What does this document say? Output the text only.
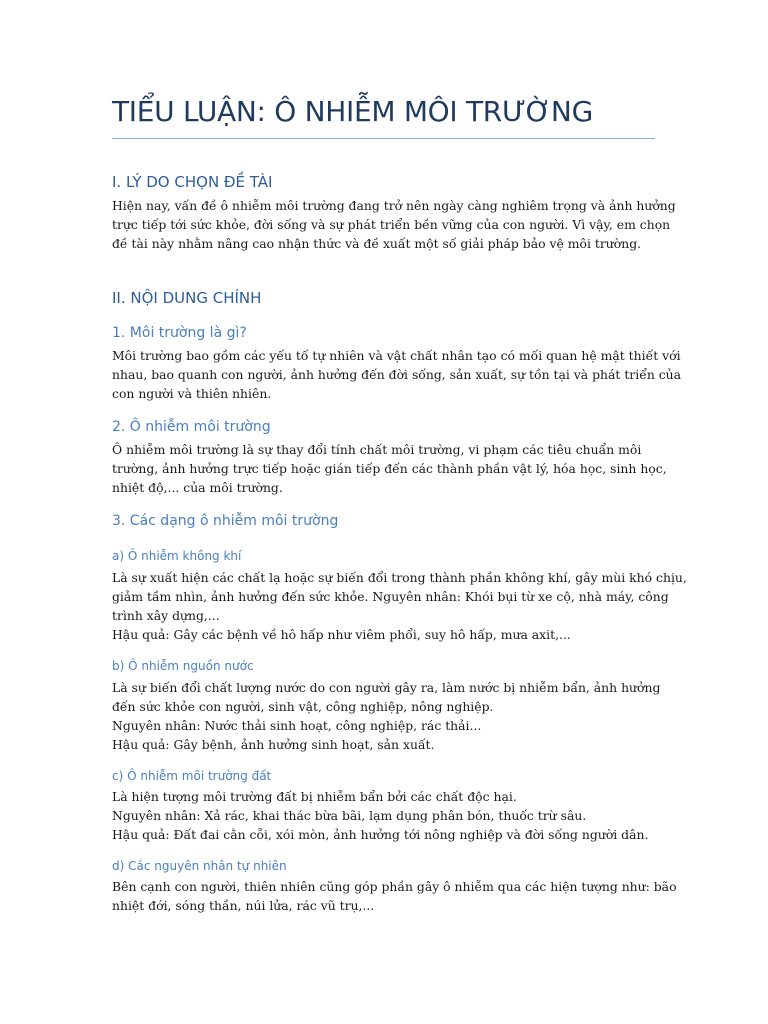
TIỂU LUẬN: Ô NHIỄM MÔI TRƯỜNG
I. LÝ DO CHỌN ĐỀ TÀI
Hiện nay, vấn đề ô nhiễm môi trường đang trở nên ngày càng nghiêm trọng và ảnh hưởng
trực tiếp tới sức khỏe, đời sống và sự phát triển bền vững của con người. Vì vậy, em chọn
đề tài này nhằm nâng cao nhận thức và đề xuất một số giải pháp bảo vệ môi trường.
II. NỘI DUNG CHÍNH
1. Môi trường là gì?
Môi trường bao gồm các yếu tố tự nhiên và vật chất nhân tạo có mối quan hệ mật thiết với
nhau, bao quanh con người, ảnh hưởng đến đời sống, sản xuất, sự tồn tại và phát triển của
con người và thiên nhiên.
2. Ô nhiễm môi trường
Ô nhiễm môi trường là sự thay đổi tính chất môi trường, vi phạm các tiêu chuẩn môi
trường, ảnh hưởng trực tiếp hoặc gián tiếp đến các thành phần vật lý, hóa học, sinh học,
nhiệt độ,... của môi trường.
3. Các dạng ô nhiễm môi trường
a) Ô nhiễm không khí
Là sự xuất hiện các chất lạ hoặc sự biến đổi trong thành phần không khí, gây mùi khó chịu,
giảm tầm nhìn, ảnh hưởng đến sức khỏe. Nguyên nhân: Khói bụi từ xe cộ, nhà máy, công
trình xây dựng,...
Hậu quả: Gây các bệnh về hô hấp như viêm phổi, suy hô hấp, mưa axit,...
b) Ô nhiễm nguồn nước
Là sự biến đổi chất lượng nước do con người gây ra, làm nước bị nhiễm bẩn, ảnh hưởng
đến sức khỏe con người, sinh vật, công nghiệp, nông nghiệp.
Nguyên nhân: Nước thải sinh hoạt, công nghiệp, rác thải...
Hậu quả: Gây bệnh, ảnh hưởng sinh hoạt, sản xuất.
c) Ô nhiễm môi trường đất
Là hiện tượng môi trường đất bị nhiễm bẩn bởi các chất độc hại.
Nguyên nhân: Xả rác, khai thác bừa bãi, lạm dụng phân bón, thuốc trừ sâu.
Hậu quả: Đất đai cằn cỗi, xói mòn, ảnh hưởng tới nông nghiệp và đời sống người dân.
d) Các nguyên nhân tự nhiên
Bên cạnh con người, thiên nhiên cũng góp phần gây ô nhiễm qua các hiện tượng như: bão
nhiệt đới, sóng thần, núi lửa, rác vũ trụ,...
